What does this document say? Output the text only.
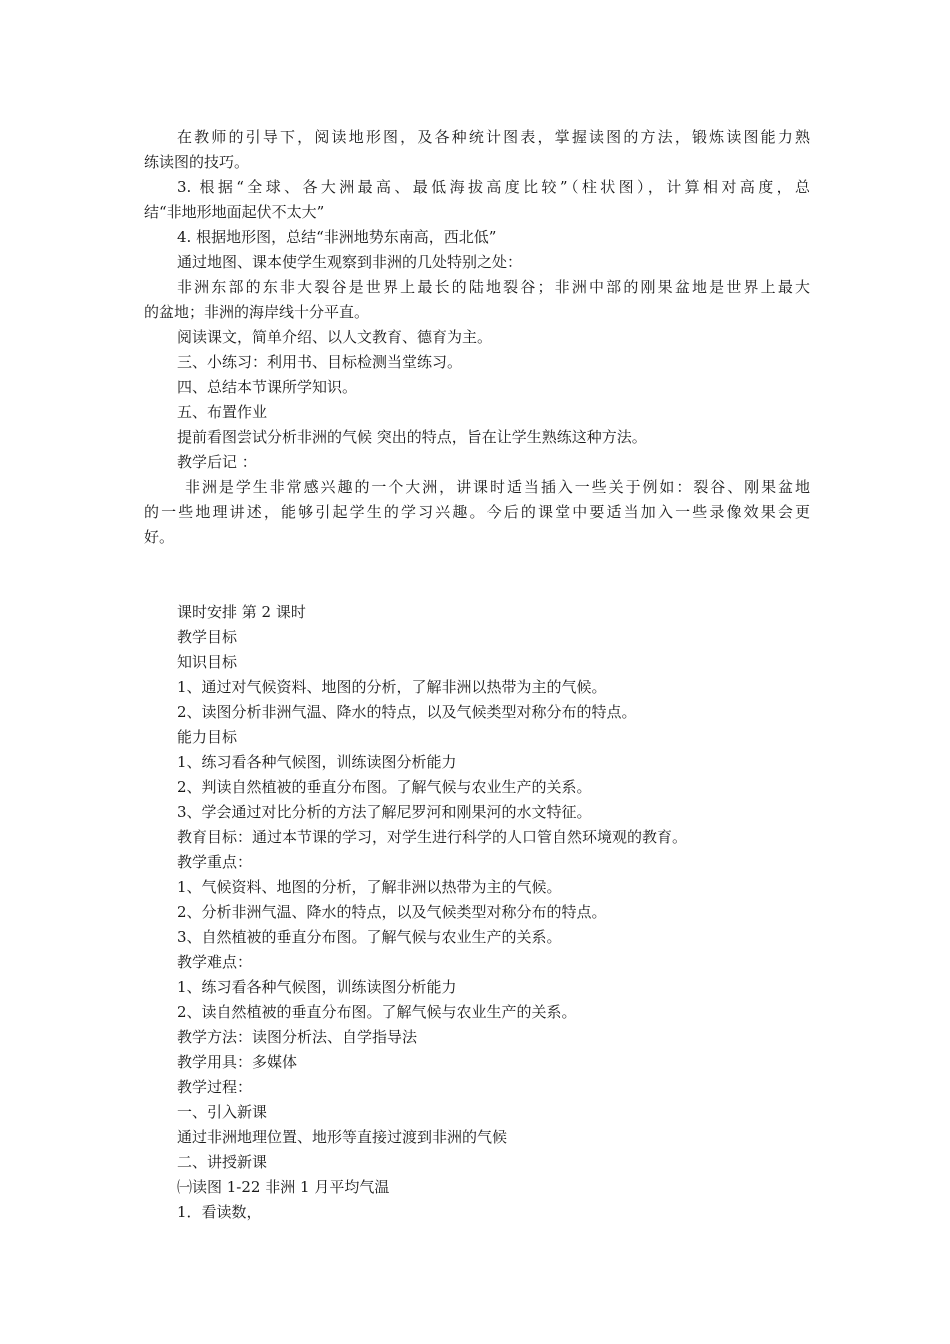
在教师的引导下，阅读地形图，及各种统计图表，掌握读图的方法，锻炼读图能力熟
练读图的技巧。
3. 根据“全球、各大洲最高、最低海拔高度比较”（柱状图），计算相对高度，总
结“非地形地面起伏不太大”
4. 根据地形图，总结“非洲地势东南高，西北低”
通过地图、课本使学生观察到非洲的几处特别之处：
非洲东部的东非大裂谷是世界上最长的陆地裂谷；非洲中部的刚果盆地是世界上最大
的盆地；非洲的海岸线十分平直。
阅读课文，简单介绍、以人文教育、德育为主。
三、小练习：利用书、目标检测当堂练习。
四、总结本节课所学知识。
五、布置作业
提前看图尝试分析非洲的气候 突出的特点，旨在让学生熟练这种方法。
教学后记 ：
非洲是学生非常感兴趣的一个大洲，讲课时适当插入一些关于例如：裂谷、刚果盆地
的一些地理讲述，能够引起学生的学习兴趣。今后的课堂中要适当加入一些录像效果会更
好。
课时安排 第 2 课时
教学目标
知识目标
1、通过对气候资料、地图的分析，了解非洲以热带为主的气候。
2、读图分析非洲气温、降水的特点，以及气候类型对称分布的特点。
能力目标
1、练习看各种气候图，训练读图分析能力
2、判读自然植被的垂直分布图。了解气候与农业生产的关系。
3、学会通过对比分析的方法了解尼罗河和刚果河的水文特征。
教育目标：通过本节课的学习，对学生进行科学的人口管自然环境观的教育。
教学重点：
1、气候资料、地图的分析，了解非洲以热带为主的气候。
2、分析非洲气温、降水的特点，以及气候类型对称分布的特点。
3、自然植被的垂直分布图。了解气候与农业生产的关系。
教学难点：
1、练习看各种气候图，训练读图分析能力
2、读自然植被的垂直分布图。了解气候与农业生产的关系。
教学方法：读图分析法、自学指导法
教学用具：多媒体
教学过程：
一、引入新课
通过非洲地理位置、地形等直接过渡到非洲的气候
二、讲授新课
㈠读图 1-22 非洲 1 月平均气温
1．看读数，
